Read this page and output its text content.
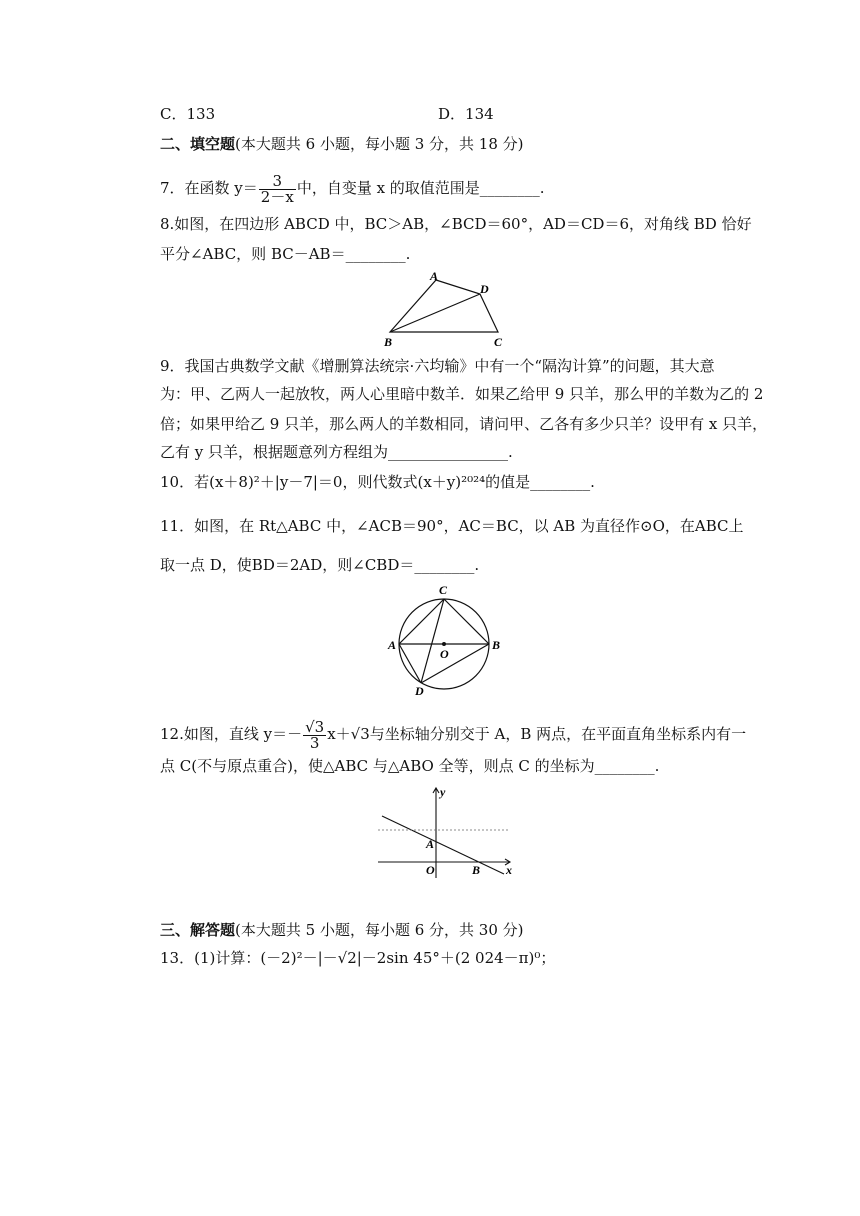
C．133	D．134
二、填空题(本大题共 6 小题，每小题 3 分，共 18 分)
7．在函数 $y= \frac{3}{2-x}$ 中，自变量 x 的取值范围是________.
8.如图，在四边形 ABCD 中，BC＞AB，∠BCD＝60°，AD＝CD＝6，对角线 BD 恰好
平分∠ABC，则 BC－AB＝________.
A
D
B	C
9．我国古典数学文献《增删算法统宗·六均输》中有一个“隔沟计算”的问题，其大意
为：甲、乙两人一起放牧，两人心里暗中数羊．如果乙给甲 9 只羊，那么甲的羊数为乙的 2
倍；如果甲给乙 9 只羊，那么两人的羊数相同，请问甲、乙各有多少只羊？设甲有 x 只羊，
乙有 y 只羊，根据题意列方程组为________________.
10．若(x＋8)²＋|y－7|＝0，则代数式(x＋y)²⁰²⁴的值是________.
11．如图，在 Rt△ABC 中，∠ACB＝90°，AC＝BC，以 AB 为直径作⊙O，在ABC上
取一点 D，使BD＝2AD，则∠CBD＝________.
C
A	B
O
D
12.如图，直线 $y=- \frac{√3}{3} x+√3$与坐标轴分别交于 A，B 两点，在平面直角坐标系内有一
点 C(不与原点重合)，使△ABC 与△ABO 全等，则点 C 的坐标为________.
y
x
A
O	B
三、解答题(本大题共 5 小题，每小题 6 分，共 30 分)
13．(1)计算：(－2)²－|－√2|－2sin 45°＋(2 024－π)⁰；
